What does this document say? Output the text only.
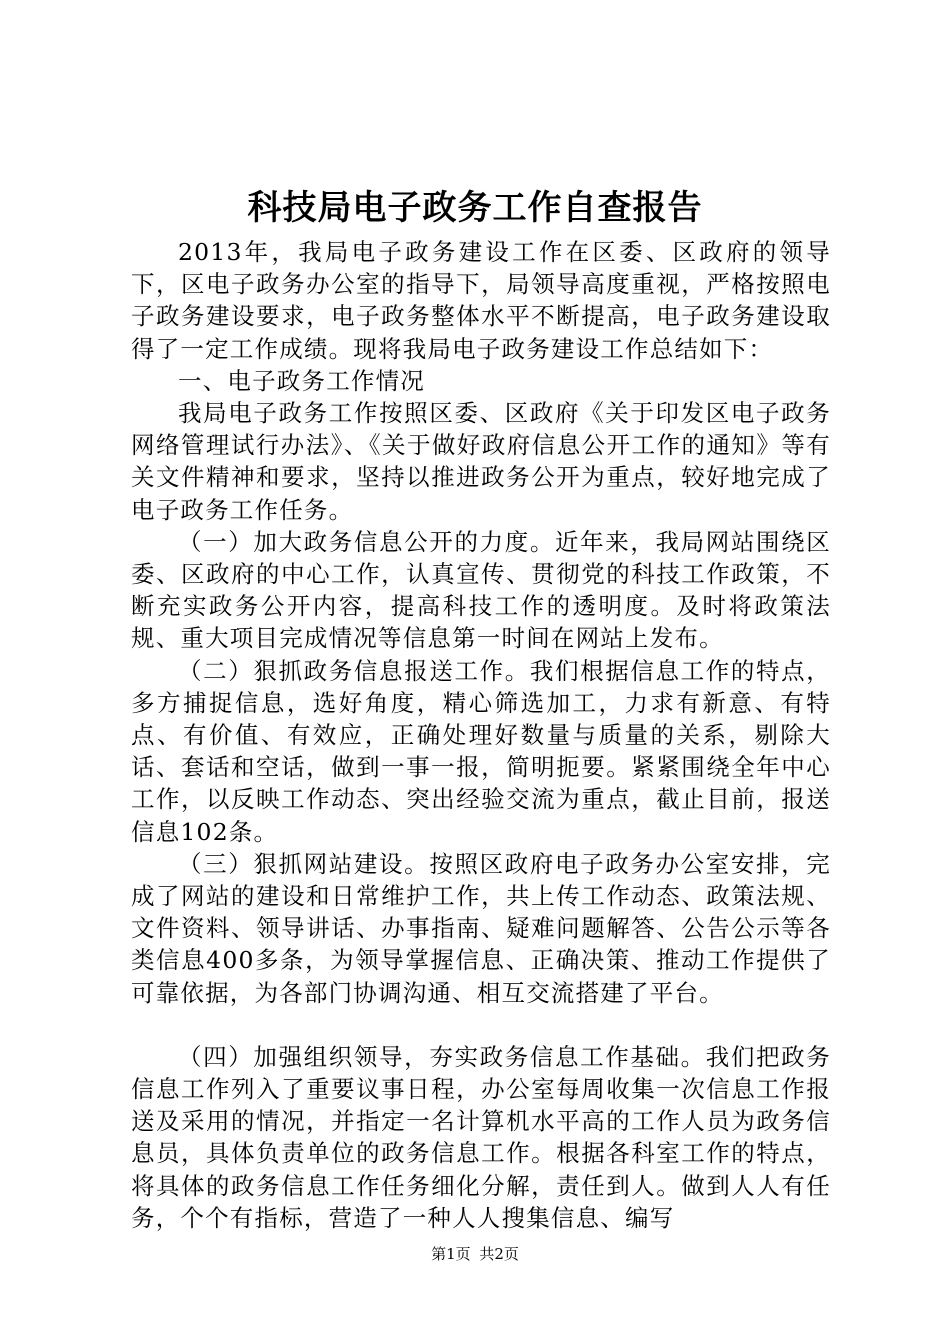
科技局电子政务工作自查报告

2013年，我局电子政务建设工作在区委、区政府的领导下，区电子政务办公室的指导下，局领导高度重视，严格按照电子政务建设要求，电子政务整体水平不断提高，电子政务建设取得了一定工作成绩。现将我局电子政务建设工作总结如下：

一、电子政务工作情况

我局电子政务工作按照区委、区政府《关于印发区电子政务网络管理试行办法》、《关于做好政府信息公开工作的通知》等有关文件精神和要求，坚持以推进政务公开为重点，较好地完成了电子政务工作任务。

（一）加大政务信息公开的力度。近年来，我局网站围绕区委、区政府的中心工作，认真宣传、贯彻党的科技工作政策，不断充实政务公开内容，提高科技工作的透明度。及时将政策法规、重大项目完成情况等信息第一时间在网站上发布。

（二）狠抓政务信息报送工作。我们根据信息工作的特点，多方捕捉信息，选好角度，精心筛选加工，力求有新意、有特点、有价值、有效应，正确处理好数量与质量的关系，剔除大话、套话和空话，做到一事一报，简明扼要。紧紧围绕全年中心工作，以反映工作动态、突出经验交流为重点，截止目前，报送信息102条。

（三）狠抓网站建设。按照区政府电子政务办公室安排，完成了网站的建设和日常维护工作，共上传工作动态、政策法规、文件资料、领导讲话、办事指南、疑难问题解答、公告公示等各类信息400多条，为领导掌握信息、正确决策、推动工作提供了可靠依据，为各部门协调沟通、相互交流搭建了平台。

（四）加强组织领导，夯实政务信息工作基础。我们把政务信息工作列入了重要议事日程，办公室每周收集一次信息工作报送及采用的情况，并指定一名计算机水平高的工作人员为政务信息员，具体负责单位的政务信息工作。根据各科室工作的特点，将具体的政务信息工作任务细化分解，责任到人。做到人人有任务，个个有指标，营造了一种人人搜集信息、编写

第1页 共2页
